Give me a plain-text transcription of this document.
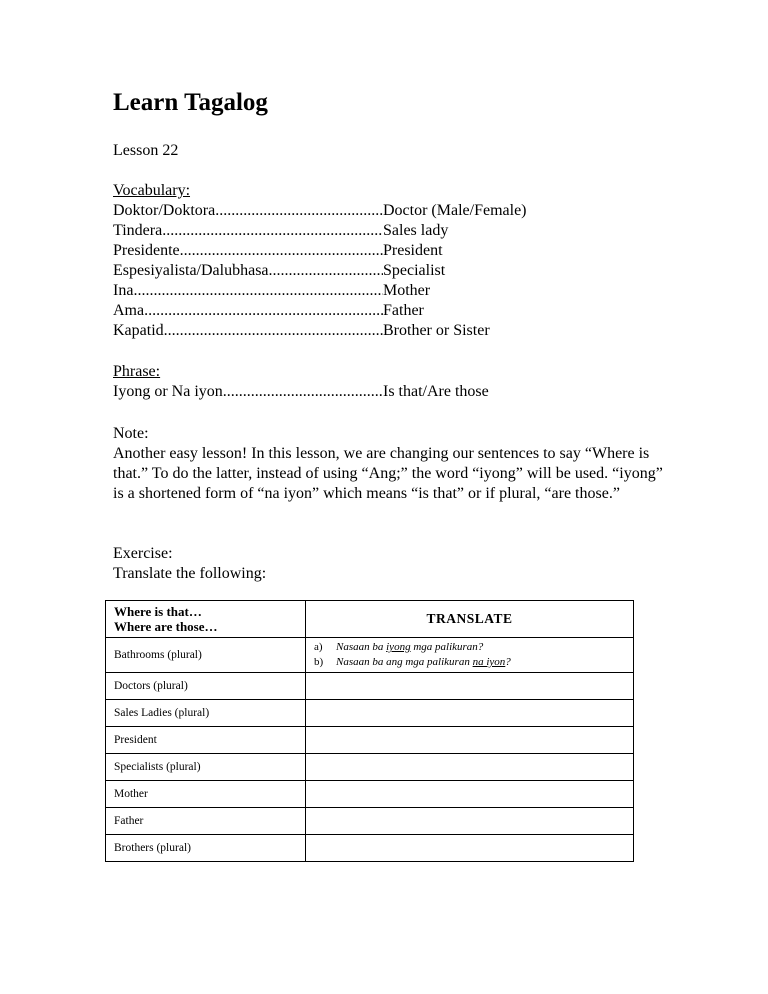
Learn Tagalog
Lesson 22
Vocabulary:
Doktor/Doktora .....	Doctor (Male/Female)
Tindera .....	Sales lady
Presidente .....	President
Espesiyalista/Dalubhasa .....	Specialist
Ina .....	Mother
Ama .....	Father
Kapatid .....	Brother or Sister
Phrase:
Iyong or Na iyon .....	Is that/Are those
Note:

Another easy lesson! In this lesson, we are changing our sentences to say “Where is that.” To do the latter, instead of using “Ang;” the word “iyong” will be used. “iyong” is a shortened form of “na iyon” which means “is that” or if plural, “are those.”

Exercise:
Translate the following:
Where is that…
Where are those…	TRANSLATE
Bathrooms (plural)	a) Nasaan ba iyong mga palikuran?
b) Nasaan ba ang mga palikuran na iyon?

Doctors (plural)	
Sales Ladies (plural)	
President	
Specialists (plural)	
Mother	
Father	
Brothers (plural)	
